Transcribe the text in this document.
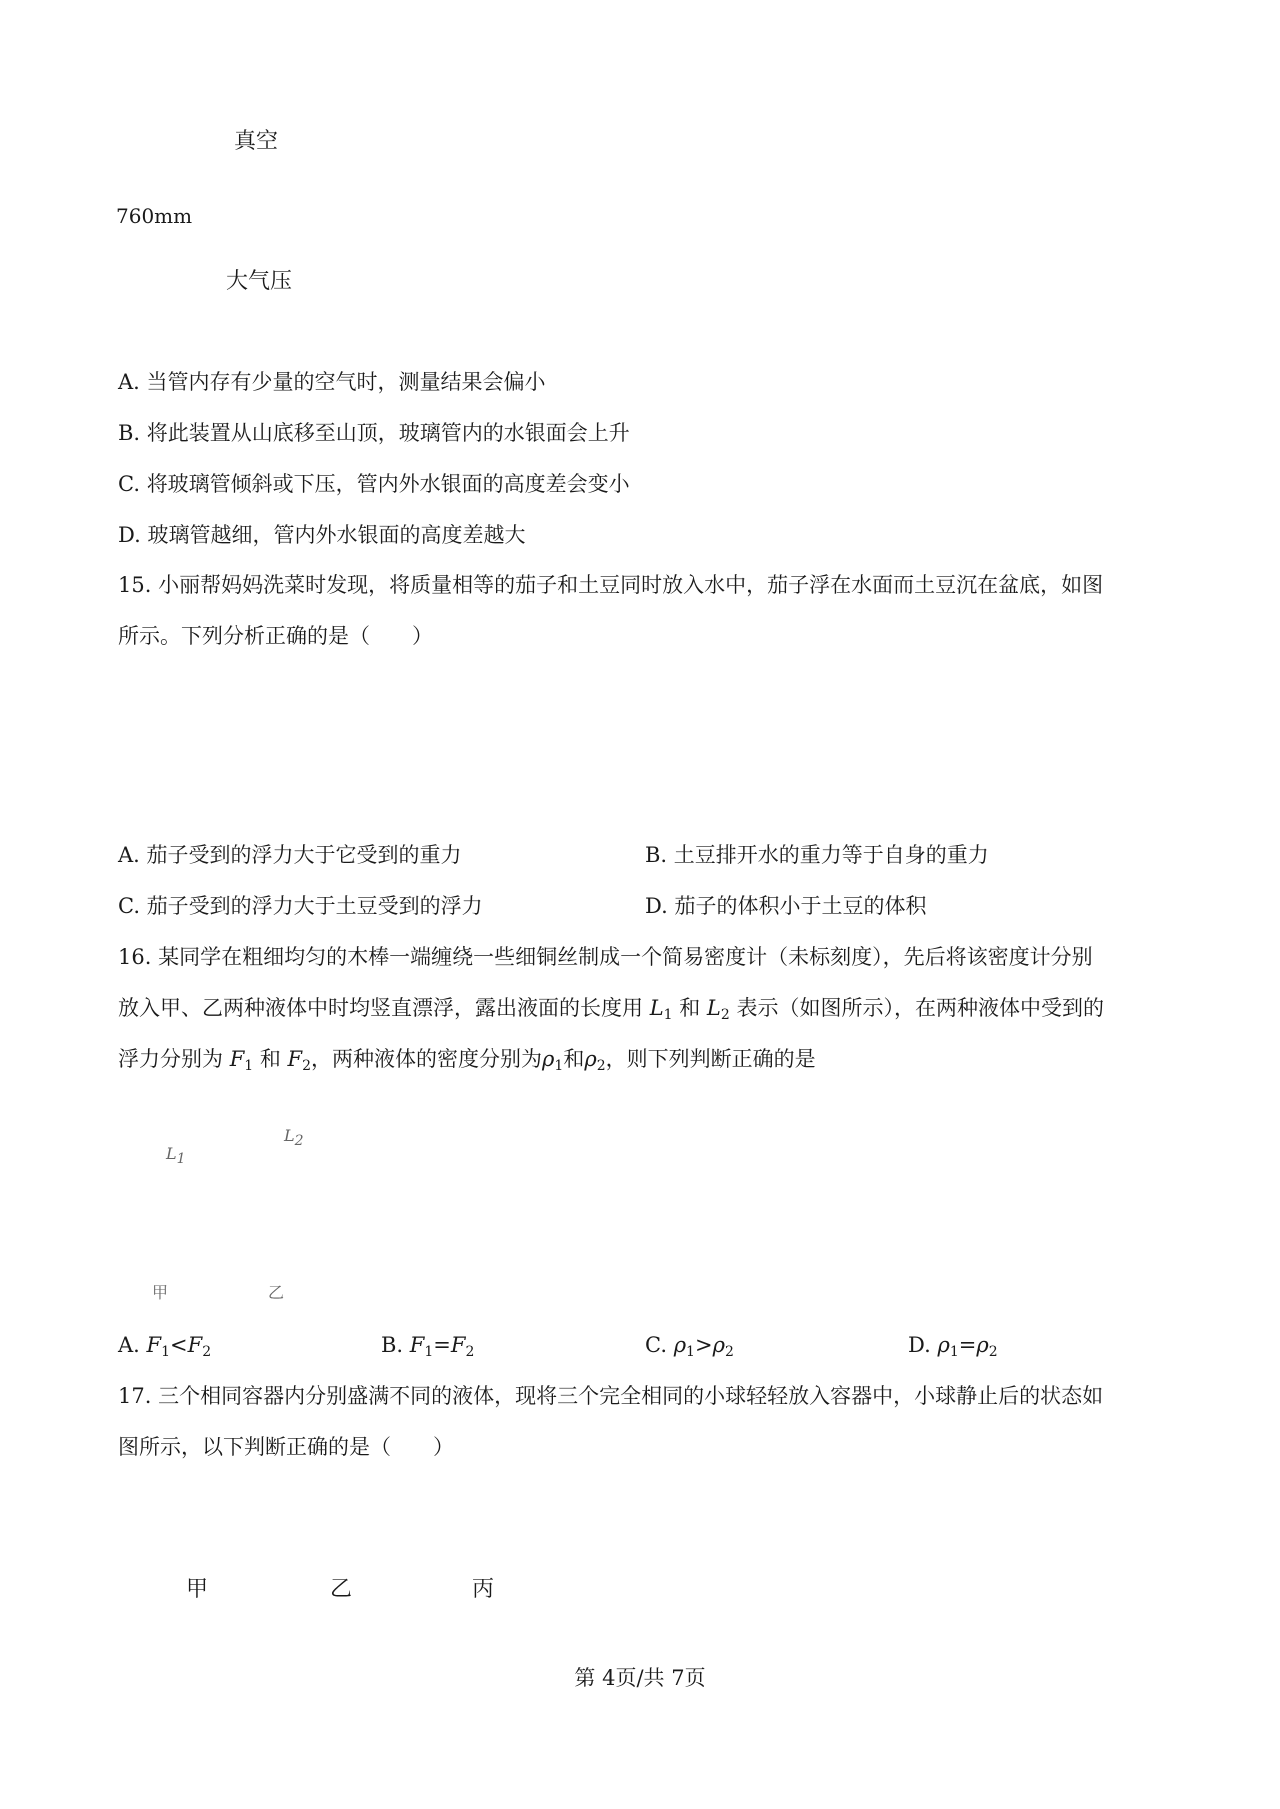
真空
760mm
大气压
A. 当管内存有少量的空气时，测量结果会偏小
B. 将此装置从山底移至山顶，玻璃管内的水银面会上升
C. 将玻璃管倾斜或下压，管内外水银面的高度差会变小
D. 玻璃管越细，管内外水银面的高度差越大
15. 小丽帮妈妈洗菜时发现，将质量相等的茄子和土豆同时放入水中，茄子浮在水面而土豆沉在盆底，如图
所示。下列分析正确的是（　　）
A. 茄子受到的浮力大于它受到的重力	B. 土豆排开水的重力等于自身的重力
C. 茄子受到的浮力大于土豆受到的浮力	D. 茄子的体积小于土豆的体积
16. 某同学在粗细均匀的木棒一端缠绕一些细铜丝制成一个简易密度计（未标刻度），先后将该密度计分别
放入甲、乙两种液体中时均竖直漂浮，露出液面的长度用 $L_1$ 和 $L_2$ 表示（如图所示），在两种液体中受到的
浮力分别为 $F_1$ 和 $F_2$，两种液体的密度分别为$\rho_1$和$\rho_2$，则下列判断正确的是
L1
L2
甲	乙
A. $F_1<F_2$	B. $F_1=F_2$	C. $\rho_1>\rho_2$	D. $\rho_1=\rho_2$
17. 三个相同容器内分别盛满不同的液体，现将三个完全相同的小球轻轻放入容器中，小球静止后的状态如
图所示，以下判断正确的是（　　）
甲	乙	丙
第 4页/共 7页
